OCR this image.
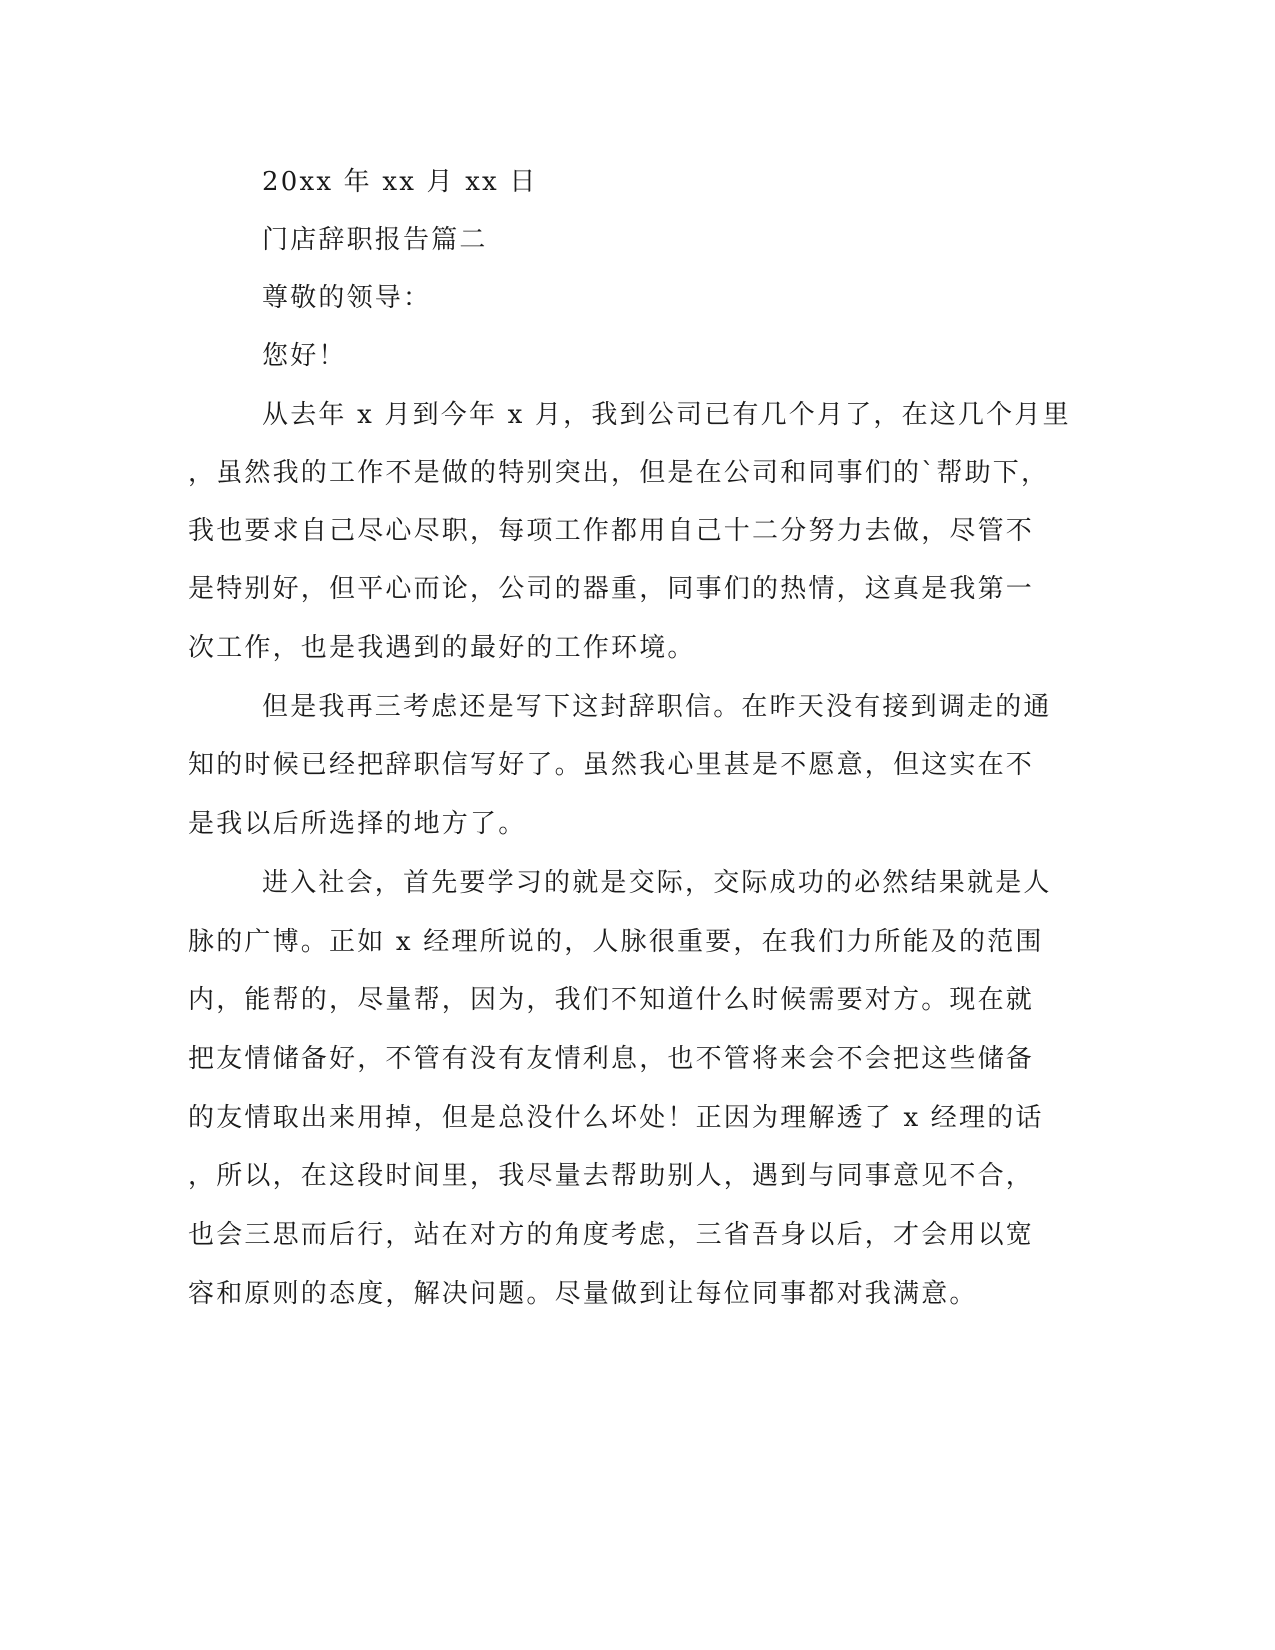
20xx 年 xx 月 xx 日
门店辞职报告篇二
尊敬的领导：
您好！
从去年 x 月到今年 x 月，我到公司已有几个月了，在这几个月里
，虽然我的工作不是做的特别突出，但是在公司和同事们的`帮助下，
我也要求自己尽心尽职，每项工作都用自己十二分努力去做，尽管不
是特别好，但平心而论，公司的器重，同事们的热情，这真是我第一
次工作，也是我遇到的最好的工作环境。
但是我再三考虑还是写下这封辞职信。在昨天没有接到调走的通
知的时候已经把辞职信写好了。虽然我心里甚是不愿意，但这实在不
是我以后所选择的地方了。
进入社会，首先要学习的就是交际，交际成功的必然结果就是人
脉的广博。正如 x 经理所说的，人脉很重要，在我们力所能及的范围
内，能帮的，尽量帮，因为，我们不知道什么时候需要对方。现在就
把友情储备好，不管有没有友情利息，也不管将来会不会把这些储备
的友情取出来用掉，但是总没什么坏处！正因为理解透了 x 经理的话
，所以，在这段时间里，我尽量去帮助别人，遇到与同事意见不合，
也会三思而后行，站在对方的角度考虑，三省吾身以后，才会用以宽
容和原则的态度，解决问题。尽量做到让每位同事都对我满意。
